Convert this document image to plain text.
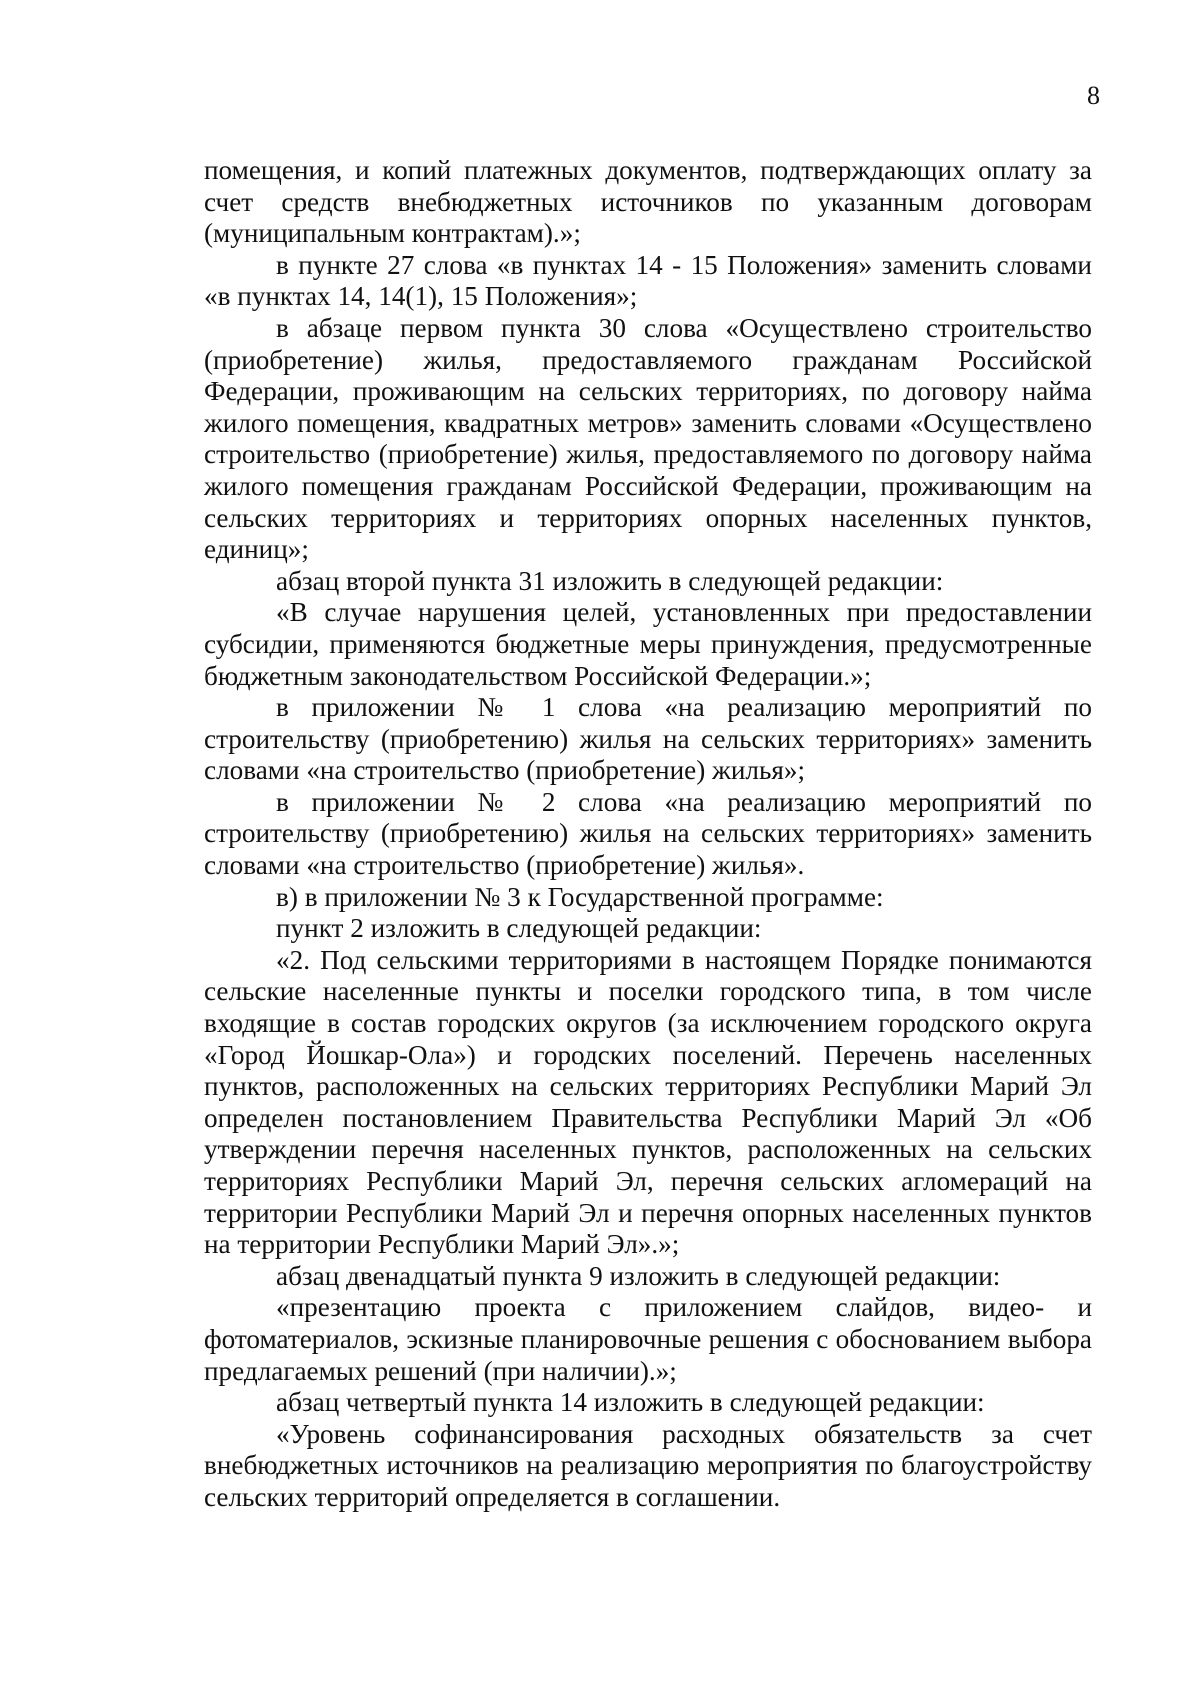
8

помещения, и копий платежных документов, подтверждающих оплату за счет средств внебюджетных источников по указанным договорам (муниципальным контрактам).»;

в пункте 27 слова «в пунктах 14 - 15 Положения» заменить словами «в пунктах 14, 14(1), 15 Положения»;

в абзаце первом пункта 30 слова «Осуществлено строительство (приобретение) жилья, предоставляемого гражданам Российской Федерации, проживающим на сельских территориях, по договору найма жилого помещения, квадратных метров» заменить словами «Осуществлено строительство (приобретение) жилья, предоставляемого по договору найма жилого помещения гражданам Российской Федерации, проживающим на сельских территориях и территориях опорных населенных пунктов, единиц»;

абзац второй пункта 31 изложить в следующей редакции:

«В случае нарушения целей, установленных при предоставлении субсидии, применяются бюджетные меры принуждения, предусмотренные бюджетным законодательством Российской Федерации.»;

в приложении № 1 слова «на реализацию мероприятий по строительству (приобретению) жилья на сельских территориях» заменить словами «на строительство (приобретение) жилья»;

в приложении № 2 слова «на реализацию мероприятий по строительству (приобретению) жилья на сельских территориях» заменить словами «на строительство (приобретение) жилья».

в) в приложении № 3 к Государственной программе:

пункт 2 изложить в следующей редакции:

«2. Под сельскими территориями в настоящем Порядке понимаются сельские населенные пункты и поселки городского типа, в том числе входящие в состав городских округов (за исключением городского округа «Город Йошкар-Ола») и городских поселений. Перечень населенных пунктов, расположенных на сельских территориях Республики Марий Эл определен постановлением Правительства Республики Марий Эл «Об утверждении перечня населенных пунктов, расположенных на сельских территориях Республики Марий Эл, перечня сельских агломераций на территории Республики Марий Эл и перечня опорных населенных пунктов на территории Республики Марий Эл».»;

абзац двенадцатый пункта 9 изложить в следующей редакции:

«презентацию проекта с приложением слайдов, видео- и фотоматериалов, эскизные планировочные решения с обоснованием выбора предлагаемых решений (при наличии).»;

абзац четвертый пункта 14 изложить в следующей редакции:

«Уровень софинансирования расходных обязательств за счет внебюджетных источников на реализацию мероприятия по благоустройству сельских территорий определяется в соглашении.
